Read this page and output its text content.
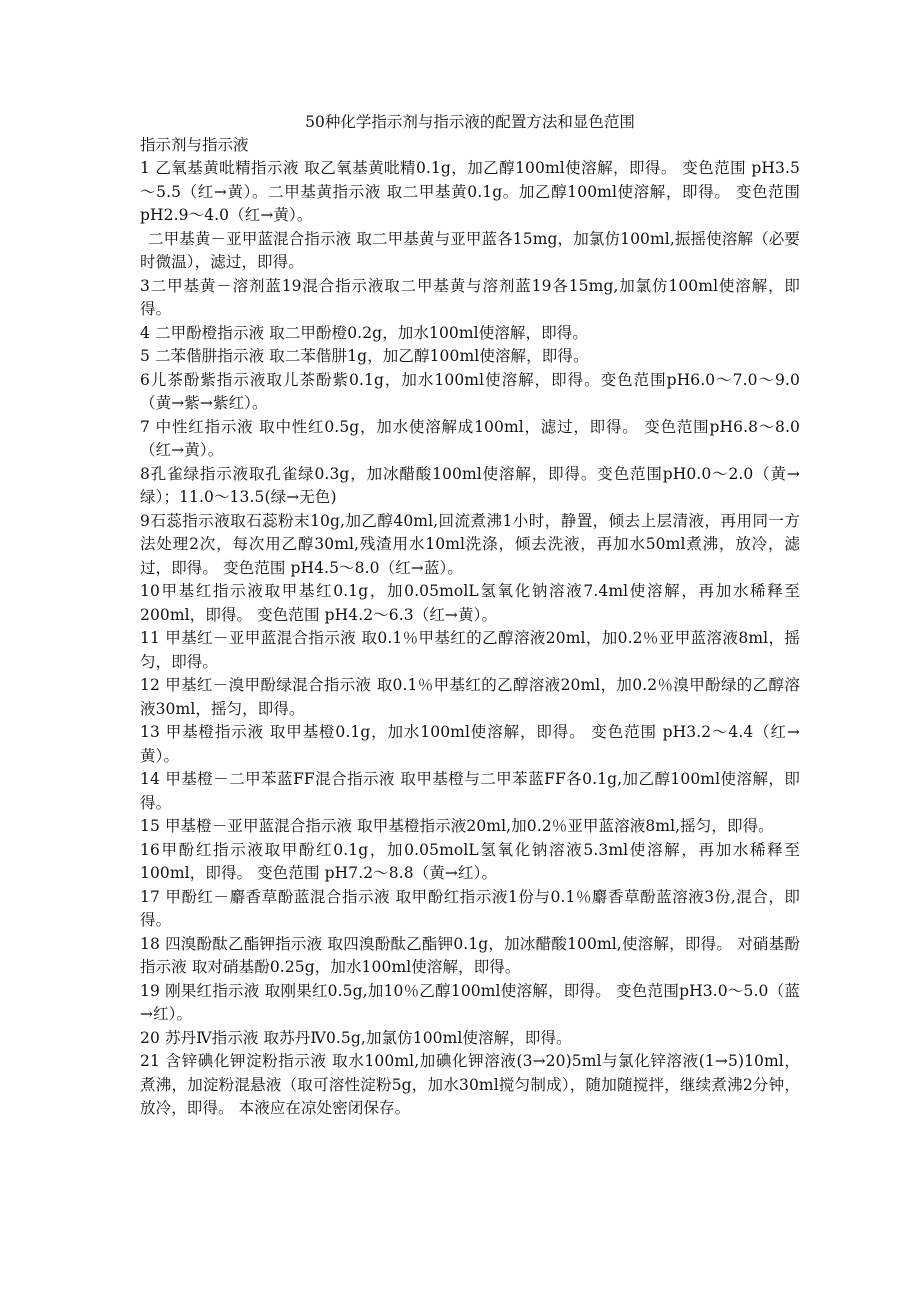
50种化学指示剂与指示液的配置方法和显色范围

指示剂与指示液

1 乙氧基黄吡精指示液 取乙氧基黄吡精0.1g，加乙醇100ml使溶解，即得。 变色范围 pH3.5～5.5（红→黄）。二甲基黄指示液 取二甲基黄0.1g。加乙醇100ml使溶解，即得。 变色范围 pH2.9～4.0（红→黄）。

二甲基黄－亚甲蓝混合指示液 取二甲基黄与亚甲蓝各15mg，加氯仿100ml,振摇使溶解（必要时微温），滤过，即得。

3二甲基黄－溶剂蓝19混合指示液取二甲基黄与溶剂蓝19各15mg,加氯仿100ml使溶解，即得。

4 二甲酚橙指示液 取二甲酚橙0.2g，加水100ml使溶解，即得。

5 二苯偕肼指示液 取二苯偕肼1g，加乙醇100ml使溶解，即得。

6儿茶酚紫指示液取儿茶酚紫0.1g，加水100ml使溶解，即得。变色范围pH6.0～7.0～9.0（黄→紫→紫红）。

7 中性红指示液 取中性红0.5g，加水使溶解成100ml，滤过，即得。 变色范围pH6.8～8.0（红→黄）。

8孔雀绿指示液取孔雀绿0.3g，加冰醋酸100ml使溶解，即得。变色范围pH0.0～2.0（黄→绿）；11.0～13.5(绿→无色)

9石蕊指示液取石蕊粉末10g,加乙醇40ml,回流煮沸1小时，静置，倾去上层清液，再用同一方法处理2次，每次用乙醇30ml,残渣用水10ml洗涤，倾去洗液，再加水50ml煮沸，放冷，滤过，即得。 变色范围 pH4.5～8.0（红→蓝）。

10甲基红指示液取甲基红0.1g，加0.05molL氢氧化钠溶液7.4ml使溶解，再加水稀释至200ml，即得。 变色范围 pH4.2～6.3（红→黄）。

11 甲基红－亚甲蓝混合指示液 取0.1％甲基红的乙醇溶液20ml，加0.2％亚甲蓝溶液8ml，摇匀，即得。

12 甲基红－溴甲酚绿混合指示液 取0.1％甲基红的乙醇溶液20ml，加0.2％溴甲酚绿的乙醇溶液30ml，摇匀，即得。

13 甲基橙指示液 取甲基橙0.1g，加水100ml使溶解，即得。 变色范围 pH3.2～4.4（红→黄）。

14 甲基橙－二甲苯蓝FF混合指示液 取甲基橙与二甲苯蓝FF各0.1g,加乙醇100ml使溶解，即得。

15 甲基橙－亚甲蓝混合指示液 取甲基橙指示液20ml,加0.2％亚甲蓝溶液8ml,摇匀，即得。

16甲酚红指示液取甲酚红0.1g，加0.05molL氢氧化钠溶液5.3ml使溶解，再加水稀释至100ml，即得。 变色范围 pH7.2～8.8（黄→红）。

17 甲酚红－麝香草酚蓝混合指示液 取甲酚红指示液1份与0.1％麝香草酚蓝溶液3份,混合，即得。

18 四溴酚酞乙酯钾指示液 取四溴酚酞乙酯钾0.1g，加冰醋酸100ml,使溶解，即得。 对硝基酚指示液 取对硝基酚0.25g，加水100ml使溶解，即得。

19 刚果红指示液 取刚果红0.5g,加10％乙醇100ml使溶解，即得。 变色范围pH3.0～5.0（蓝→红）。

20 苏丹Ⅳ指示液 取苏丹Ⅳ0.5g,加氯仿100ml使溶解，即得。

21 含锌碘化钾淀粉指示液 取水100ml,加碘化钾溶液(3→20)5ml与氯化锌溶液(1→5)10ml，煮沸，加淀粉混悬液（取可溶性淀粉5g，加水30ml搅匀制成），随加随搅拌，继续煮沸2分钟，放冷，即得。 本液应在凉处密闭保存。
